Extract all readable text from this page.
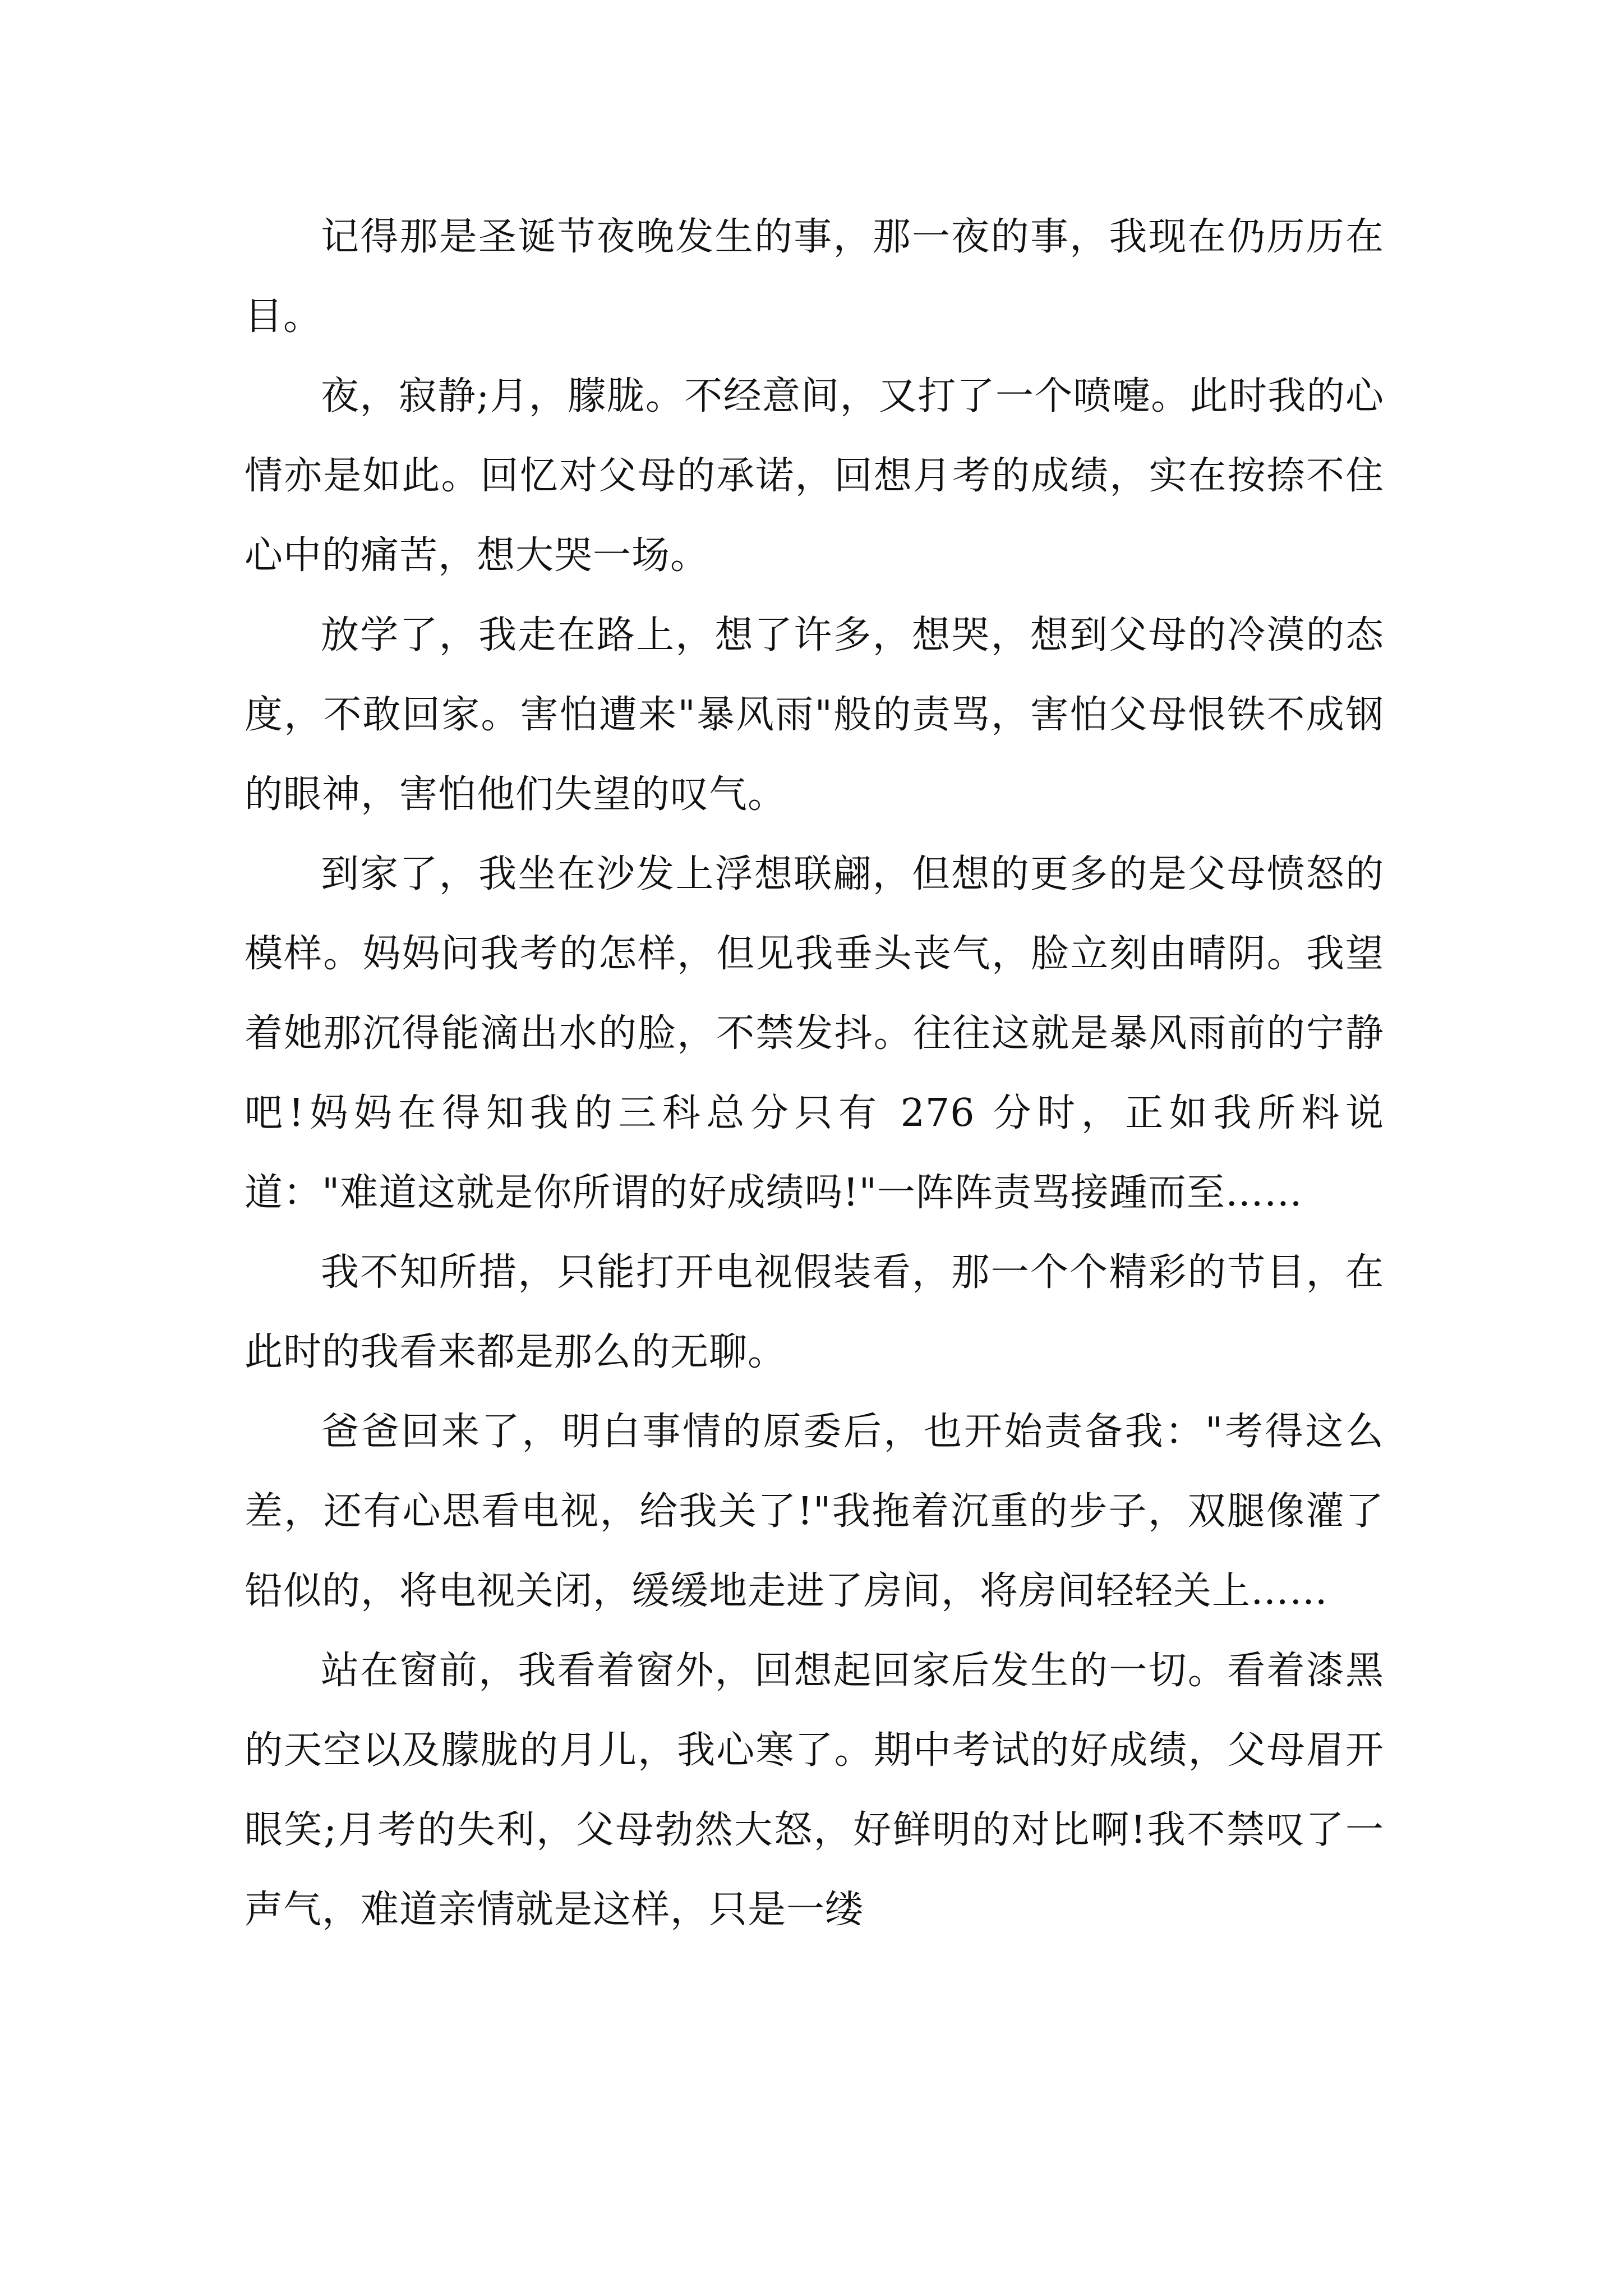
记得那是圣诞节夜晚发生的事，那一夜的事，我现在仍历历在目。

夜，寂静;月，朦胧。不经意间，又打了一个喷嚏。此时我的心情亦是如此。回忆对父母的承诺，回想月考的成绩，实在按捺不住心中的痛苦，想大哭一场。

放学了，我走在路上，想了许多，想哭，想到父母的冷漠的态度，不敢回家。害怕遭来"暴风雨"般的责骂，害怕父母恨铁不成钢的眼神，害怕他们失望的叹气。

到家了，我坐在沙发上浮想联翩，但想的更多的是父母愤怒的模样。妈妈问我考的怎样，但见我垂头丧气，脸立刻由晴阴。我望着她那沉得能滴出水的脸，不禁发抖。往往这就是暴风雨前的宁静吧!妈妈在得知我的三科总分只有 276 分时，正如我所料说道："难道这就是你所谓的好成绩吗!"一阵阵责骂接踵而至……

我不知所措，只能打开电视假装看，那一个个精彩的节目，在此时的我看来都是那么的无聊。

爸爸回来了，明白事情的原委后，也开始责备我："考得这么差，还有心思看电视，给我关了!"我拖着沉重的步子，双腿像灌了铅似的，将电视关闭，缓缓地走进了房间，将房间轻轻关上……

站在窗前，我看着窗外，回想起回家后发生的一切。看着漆黑的天空以及朦胧的月儿，我心寒了。期中考试的好成绩，父母眉开眼笑;月考的失利，父母勃然大怒，好鲜明的对比啊!我不禁叹了一声气，难道亲情就是这样，只是一缕
